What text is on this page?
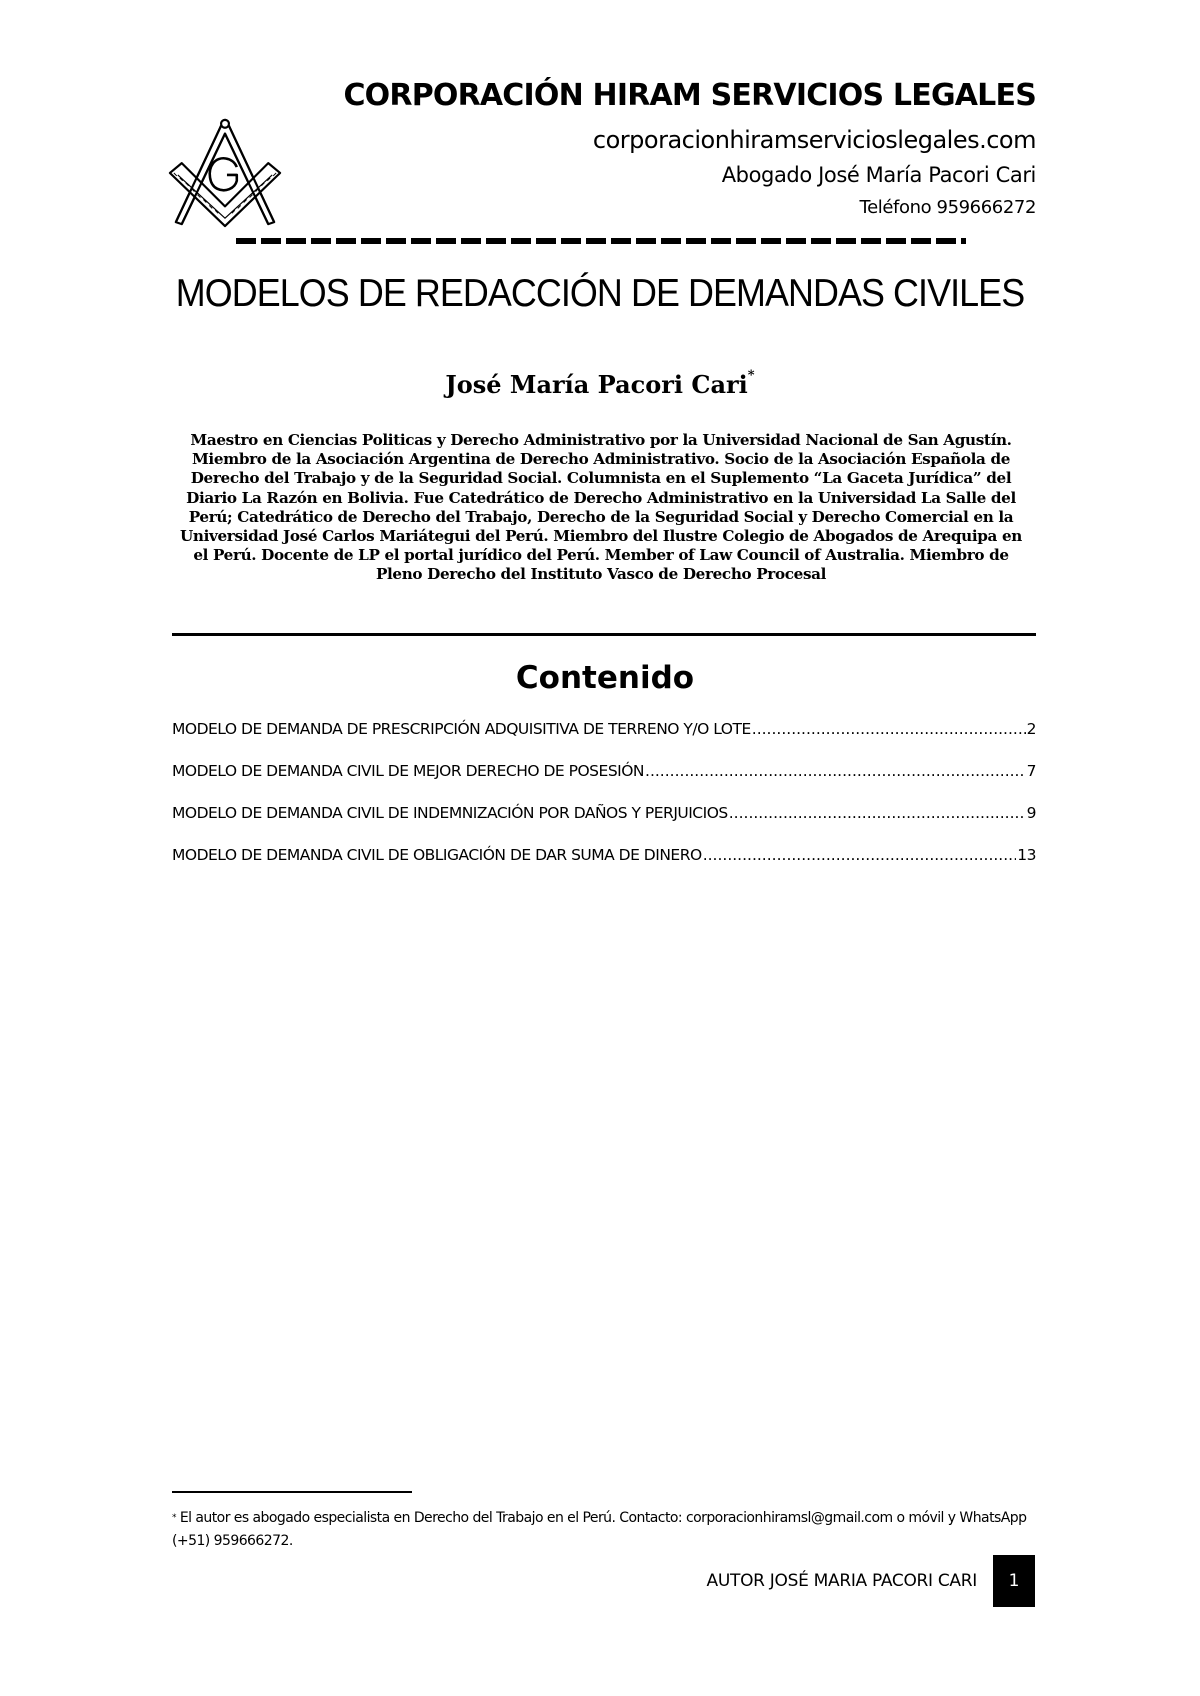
CORPORACIÓN HIRAM SERVICIOS LEGALES
corporacionhiramservicioslegales.com
Abogado José María Pacori Cari
Teléfono 959666272
MODELOS DE REDACCIÓN DE DEMANDAS CIVILES
José María Pacori Cari*
Maestro en Ciencias Politicas y Derecho Administrativo por la Universidad Nacional de San Agustín. Miembro de la Asociación Argentina de Derecho Administrativo. Socio de la Asociación Española de Derecho del Trabajo y de la Seguridad Social. Columnista en el Suplemento “La Gaceta Jurídica” del Diario La Razón en Bolivia. Fue Catedrático de Derecho Administrativo en la Universidad La Salle del Perú; Catedrático de Derecho del Trabajo, Derecho de la Seguridad Social y Derecho Comercial en la Universidad José Carlos Mariátegui del Perú. Miembro del Ilustre Colegio de Abogados de Arequipa en el Perú. Docente de LP el portal jurídico del Perú. Member of Law Council of Australia. Miembro de Pleno Derecho del Instituto Vasco de Derecho Procesal
Contenido
MODELO DE DEMANDA DE PRESCRIPCIÓN ADQUISITIVA DE TERRENO Y/O LOTE .....	2
MODELO DE DEMANDA CIVIL DE MEJOR DERECHO DE POSESIÓN .....	7
MODELO DE DEMANDA CIVIL DE INDEMNIZACIÓN POR DAÑOS Y PERJUICIOS .....	9
MODELO DE DEMANDA CIVIL DE OBLIGACIÓN DE DAR SUMA DE DINERO .....	13
* El autor es abogado especialista en Derecho del Trabajo en el Perú. Contacto: corporacionhiramsl@gmail.com o móvil y WhatsApp (+51) 959666272.
AUTOR JOSÉ MARIA PACORI CARI	1
